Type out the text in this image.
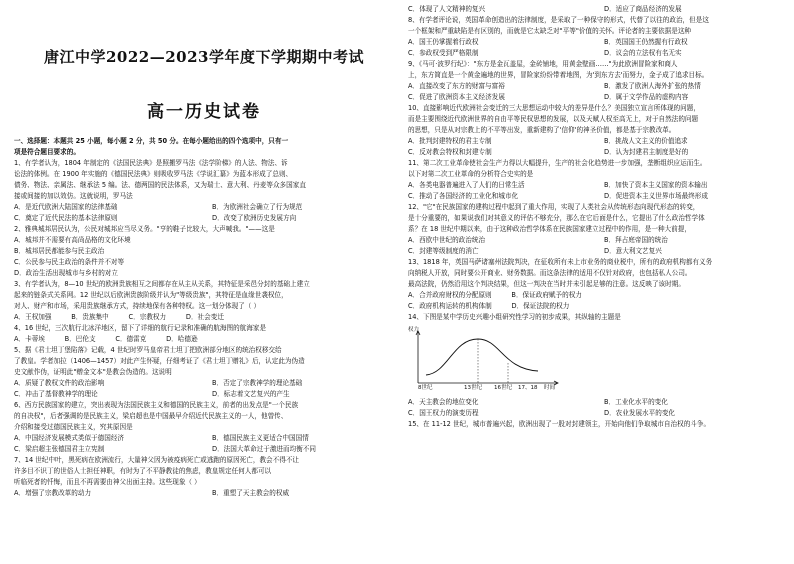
唐江中学2022—2023学年度下学期期中考试
高一历史试卷
一、选择题：本题共 25 小题，每小题 2 分，共 50 分。在每小题给出的四个选项中，只有一
项是符合题目要求的。
1、有学者认为，1804 年制定的《法国民法典》是照搬罗马法《法学阶梯》的人法、物法、诉
讼法的体例。在 1900 年实施的《德国民法典》则吸收罗马法《学说汇纂》为蓝本形成了总则、
债务、物法、亲属法、继承法 5 编。法、德两国的民法体系，又为瑞士、意大利、丹麦等众多国家直
接或间接的加以效仿。这就说明，罗马法
A．是近代欧洲大陆国家的法律基础	B．为欧洲社会确立了行为规范
C．奠定了近代民法的基本法律原则	D．改变了欧洲历史发展方向
2、雅典城邦居民认为，公民对城邦应当尽义务。"亨的鞋子比较大，大声喊我。"——这是
A．城邦并不需要有高尚品格的文化环境
B．城邦居民都能参与民主政治
C．公民参与民主政治的条件并不对等
D．政治生活出现城市与乡村的对立
3、有学者认为，8—10 世纪的欧洲贵族相互之间都存在从主从关系，其特征是采邑分封的基础上建立
起来的链条式关系网。12 世纪以后欧洲贵族阶级并认为"等级贵族"，其特征是血缘世袭权位，
对人、财产和市场，采用贵族继承方式，持续地保有各种特权。这一划分体现了（ ）
A．王权加强　　　B．贵族集中　　　C．宗教权力　　　D．社会变迁
4、16 世纪，三次航行北冰洋地区，留下了详细的航行记录和准确的航海图的航海家是
A．卡蒂埃　　　B．巴伦支　　　C．德雷克　　　D．哈德逊
5、据《君士坦丁堡陷落》记载，4 世纪时罗马皇帝君士坦丁把欧洲部分地区的统治权移交给
了教皇。学者加拉（1406—1457）对此产生怀疑，仔细考证了《君士坦丁赠礼》后，认定此为伪造
史文献作伪，证明此"赠金文本"是教会伪造的。这说明
A．质疑了教权文件的政治影响	B．否定了宗教神学的理论基础
C．冲击了基督教神学的理论	D．标志着文艺复兴的产生
6、西方民族国家的建立，突出表现为法国民族主义和德国的民族主义，前者的出发点是"一个民族
的自决权"，后者强调的是民族主义，梁启超也是中国最早介绍近代民族主义的一人，他曾传、
介绍和接受过德国民族主义，究其原因是
A．中国经济发展模式类似于德国经济	B．德国民族主义更适合中国国情
C．梁启超主张德国君主立宪制	D．法国大革命过于激进而均衡不同
7、14 世纪中叶，黑死病在欧洲流行，大量神父因为被疫病死亡或逃跑的原因死亡，教会不得不让
许多目不识丁的世俗人士担任神职，有时为了不平静教徒的焦虑，教皇规定任何人都可以
听临死者的忏悔，而且不再需要由神父出面主持。这些现象（ ）
A．增强了宗教改革的动力	B．重塑了天主教会的权威
C．体现了人文精神的复兴	D．适应了商品经济的发展
8、有学者评论说，英国革命创造出的法律制度，是采取了一种保守的形式，代替了以往的政治，但是这
一个框架和严重缺陷是有区别的，而就是它太缺乏对"平等"价值的关怀。评论者的主要依据是这种
A．国王仍掌握着行政权	B．英国国王仍然握有行政权
C．参政权受到严格限制	D．议会的立法权有名无实
9、《马可·波罗行纪》："东方是金瓦盖屋，金砖铺地，用黄金壁画……"为此欧洲冒险家和商人
上，东方简直是一个黄金遍地的世界，冒险家纷纷带着地图，为'到东方去'而努力，金子成了追求目标。
A．直接改变了东方的财富与富裕	B．激发了欧洲人海外扩张的热情
C．促进了欧洲资本主义经济发展	D．属于文学作品的虚构内容
10、直接影响近代欧洲社会变迁的三大思想运动中较大的差异是什么？美国独立宣言所体现的问题，
而是主要围绕近代欧洲世界的自由平等民权思想的发展，以及天赋人权至高无上，对于自然法的问题
的思想，只是从对宗教上的不平等出发，重新建构了'信仰'的神圣价值，都是基于宗教改革。
A．批判封建特权的君主专制	B．挑战人文主义的价值追求
C．反对教会特权和封建专制	D．认为封建君主制度是好的
11、第二次工业革命使社会生产力得以大幅提升，生产的社会化趋势进一步加强，垄断组织应运而生。
以下对第二次工业革命的分析符合史实的是
A．各类电器普遍进入了人们的日常生活	B．加快了资本主义国家的资本输出
C．推动了各国经济的工业化和城市化	D．促进资本主义世界市场最终形成
12、"它"在民族国家的建构过程中起到了重大作用，实现了人类社会从传统形态向现代形态的转变，
是十分重要的，如果说我们对其意义的评估不够充分，那么在它后面是什么，它提出了什么政治哲学体
系？在 18 世纪中期以来，由于这种政治哲学体系在民族国家建立过程中的作用，是一种大前提，
A．西欧中世纪的政治统治	B．拜占庭帝国的统治
C．封建等级制度的消亡	D．意大利文艺复兴
13、1818 年，英国马萨诸塞州法院判决，在征收所有未上市业务的商业税中，所有的政府机构都有义务
向纳税人开放，同时要公开商业、财务数据。而这条法律的适用不仅针对政府，也包括私人公司。
最高法院，仍然沿用这个判决结果，但这一判决在当时并未引起足够的注意。这反映了该时期。
A．合并政府财权的分配原则　　　B．保证政府赋予的权力
C．政府机构运转的机构体制　　　D．保证法院的权力
14、下图是某中学历史兴趣小组研究性学习的初步成果，其纵轴的主题是
权力
8世纪	13世纪 16世纪 17、18 时间
A．天主教会的地位变化	B．工业化水平的变化
C．国王权力的演变历程	D．农业发展水平的变化
15、在 11-12 世纪，城市普遍兴起，欧洲出现了一股对封建领主，开始向他们争取城市自治权的斗争。
